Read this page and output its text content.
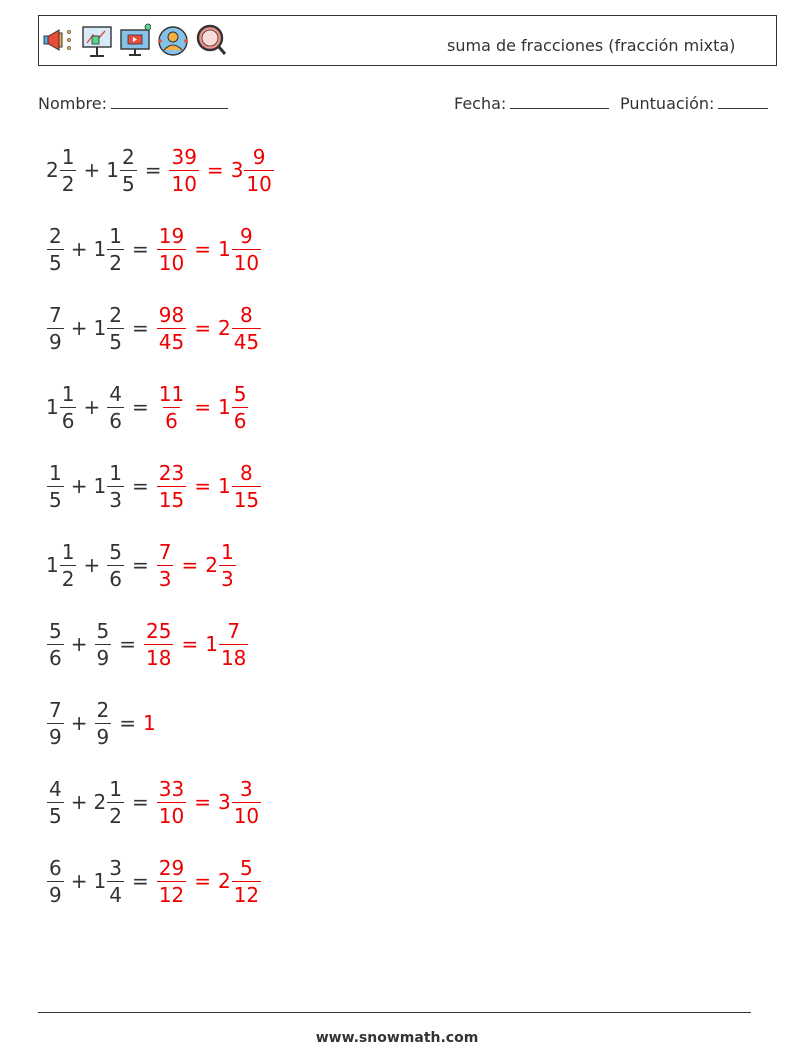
suma de fracciones (fracción mixta)
Nombre:	Fecha:	Puntuación:
$2 \frac{1}{2} + 1 \frac{2}{5} = \frac{39}{10} = 3 \frac{9}{10}$
$\frac{2}{5} + 1 \frac{1}{2} = \frac{19}{10} = 1 \frac{9}{10}$
$\frac{7}{9} + 1 \frac{2}{5} = \frac{98}{45} = 2 \frac{8}{45}$
$1 \frac{1}{6} + \frac{4}{6} = \frac{11}{6} = 1 \frac{5}{6}$
$\frac{1}{5} + 1 \frac{1}{3} = \frac{23}{15} = 1 \frac{8}{15}$
$1 \frac{1}{2} + \frac{5}{6} = \frac{7}{3} = 2 \frac{1}{3}$
$\frac{5}{6} + \frac{5}{9} = \frac{25}{18} = 1 \frac{7}{18}$
$\frac{7}{9} + \frac{2}{9} = 1$
$\frac{4}{5} + 2 \frac{1}{2} = \frac{33}{10} = 3 \frac{3}{10}$
$\frac{6}{9} + 1 \frac{3}{4} = \frac{29}{12} = 2 \frac{5}{12}$
www.snowmath.com
